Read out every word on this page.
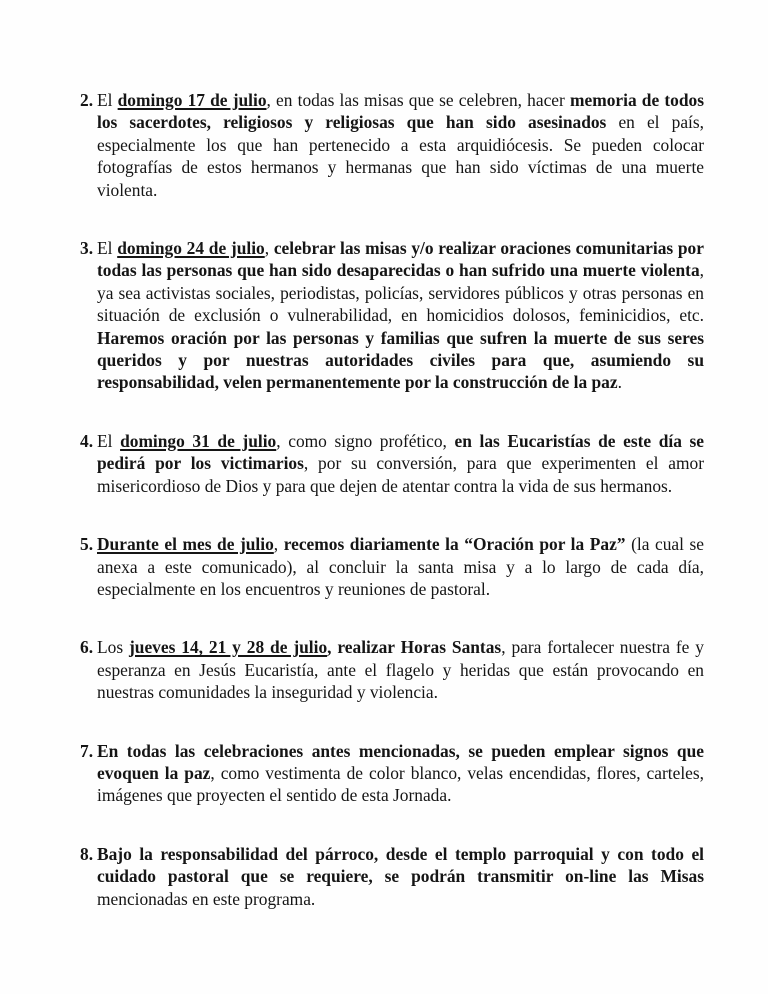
2. El domingo 17 de julio, en todas las misas que se celebren, hacer memoria de todos los sacerdotes, religiosos y religiosas que han sido asesinados en el país, especialmente los que han pertenecido a esta arquidiócesis. Se pueden colocar fotografías de estos hermanos y hermanas que han sido víctimas de una muerte violenta.
3. El domingo 24 de julio, celebrar las misas y/o realizar oraciones comunitarias por todas las personas que han sido desaparecidas o han sufrido una muerte violenta, ya sea activistas sociales, periodistas, policías, servidores públicos y otras personas en situación de exclusión o vulnerabilidad, en homicidios dolosos, feminicidios, etc. Haremos oración por las personas y familias que sufren la muerte de sus seres queridos y por nuestras autoridades civiles para que, asumiendo su responsabilidad, velen permanentemente por la construcción de la paz.
4. El domingo 31 de julio, como signo profético, en las Eucaristías de este día se pedirá por los victimarios, por su conversión, para que experimenten el amor misericordioso de Dios y para que dejen de atentar contra la vida de sus hermanos.
5. Durante el mes de julio, recemos diariamente la “Oración por la Paz” (la cual se anexa a este comunicado), al concluir la santa misa y a lo largo de cada día, especialmente en los encuentros y reuniones de pastoral.
6. Los jueves 14, 21 y 28 de julio, realizar Horas Santas, para fortalecer nuestra fe y esperanza en Jesús Eucaristía, ante el flagelo y heridas que están provocando en nuestras comunidades la inseguridad y violencia.
7. En todas las celebraciones antes mencionadas, se pueden emplear signos que evoquen la paz, como vestimenta de color blanco, velas encendidas, flores, carteles, imágenes que proyecten el sentido de esta Jornada.
8. Bajo la responsabilidad del párroco, desde el templo parroquial y con todo el cuidado pastoral que se requiere, se podrán transmitir on-line las Misas mencionadas en este programa.
